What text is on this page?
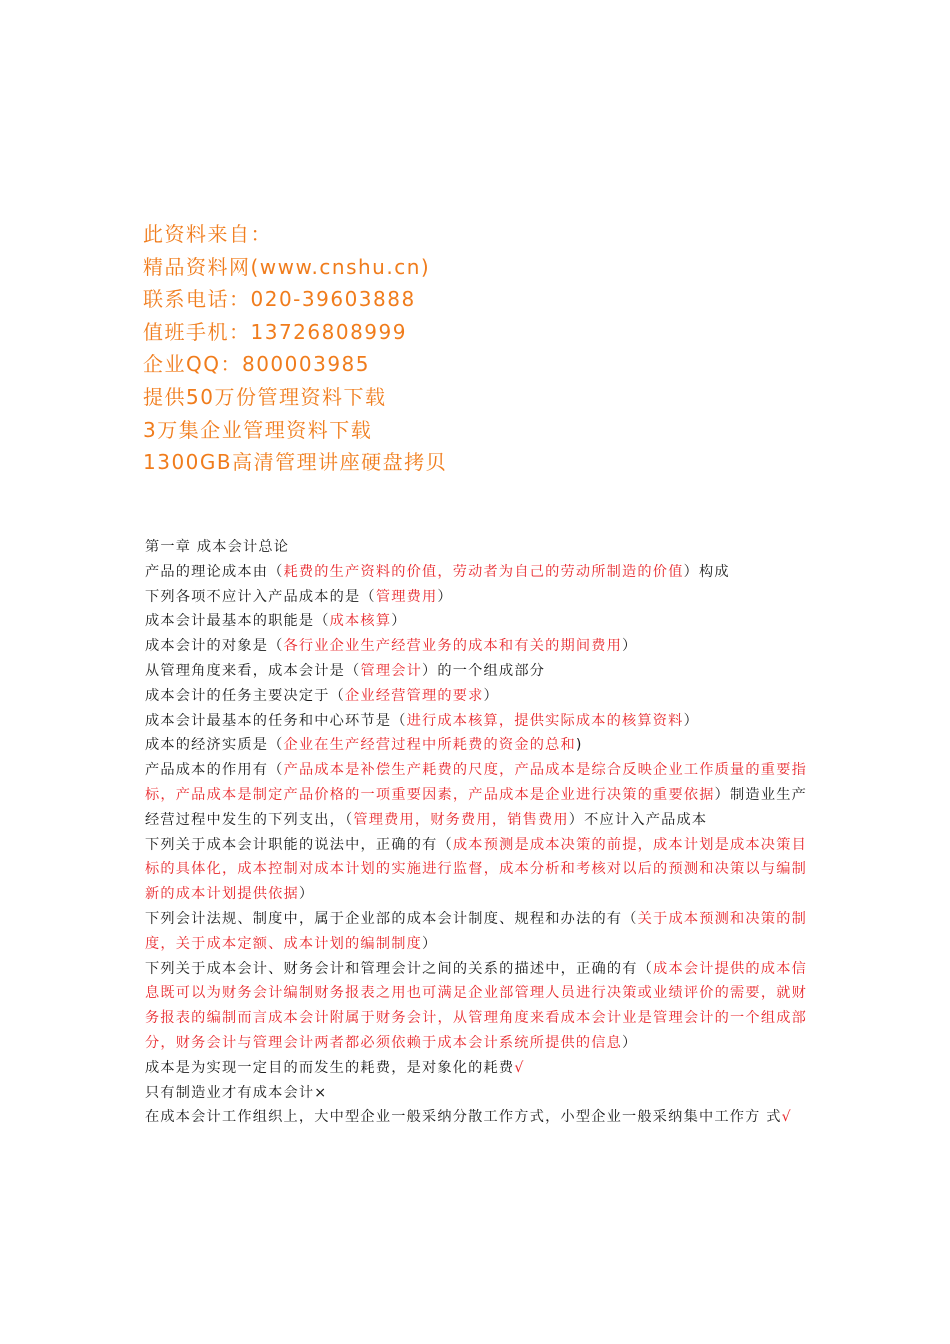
此资料来自：
精品资料网(www.cnshu.cn)
联系电话：020-39603888
值班手机：13726808999
企业QQ：800003985
提供50万份管理资料下载
3万集企业管理资料下载
1300GB高清管理讲座硬盘拷贝

第一章 成本会计总论

产品的理论成本由（耗费的生产资料的价值，劳动者为自己的劳动所制造的价值）构成

下列各项不应计入产品成本的是（管理费用）

成本会计最基本的职能是（成本核算）

成本会计的对象是（各行业企业生产经营业务的成本和有关的期间费用）

从管理角度来看，成本会计是（管理会计）的一个组成部分

成本会计的任务主要决定于（企业经营管理的要求）

成本会计最基本的任务和中心环节是（进行成本核算，提供实际成本的核算资料）

成本的经济实质是（企业在生产经营过程中所耗费的资金的总和)

产品成本的作用有（产品成本是补偿生产耗费的尺度，产品成本是综合反映企业工作质量的重要指标，产品成本是制定产品价格的一项重要因素，产品成本是企业进行决策的重要依据）制造业生产经营过程中发生的下列支出，（管理费用，财务费用，销售费用）不应计入产品成本

下列关于成本会计职能的说法中，正确的有（成本预测是成本决策的前提，成本计划是成本决策目标的具体化，成本控制对成本计划的实施进行监督，成本分析和考核对以后的预测和决策以与编制新的成本计划提供依据）

下列会计法规、制度中，属于企业部的成本会计制度、规程和办法的有（关于成本预测和决策的制度，关于成本定额、成本计划的编制制度）

下列关于成本会计、财务会计和管理会计之间的关系的描述中，正确的有（成本会计提供的成本信息既可以为财务会计编制财务报表之用也可满足企业部管理人员进行决策或业绩评价的需要，就财务报表的编制而言成本会计附属于财务会计，从管理角度来看成本会计业是管理会计的一个组成部分，财务会计与管理会计两者都必须依赖于成本会计系统所提供的信息）

成本是为实现一定目的而发生的耗费，是对象化的耗费√

只有制造业才有成本会计×

在成本会计工作组织上，大中型企业一般采纳分散工作方式，小型企业一般采纳集中工作方 式√
